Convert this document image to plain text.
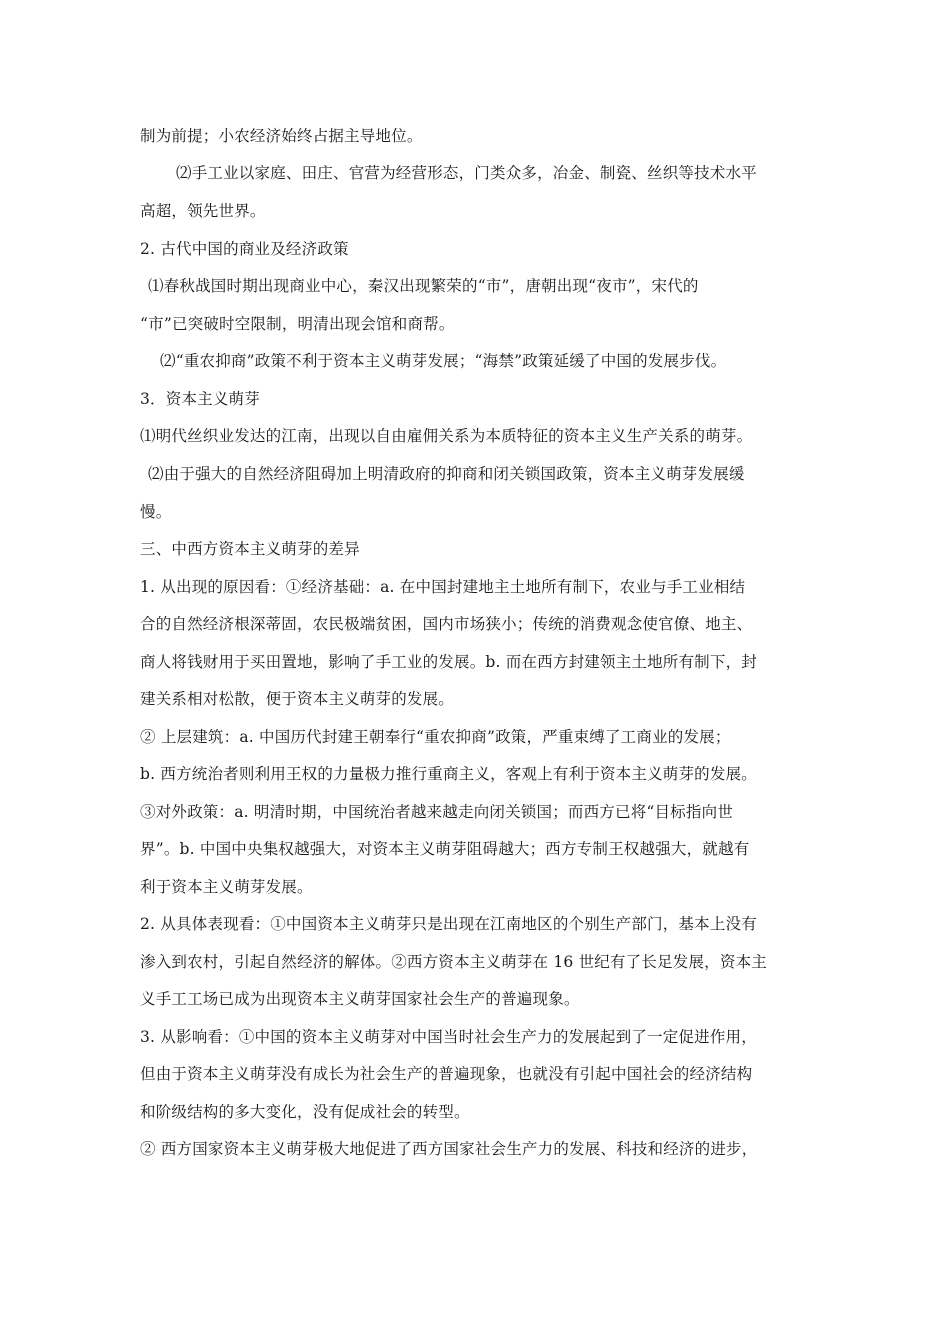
制为前提；小农经济始终占据主导地位。
⑵手工业以家庭、田庄、官营为经营形态，门类众多，冶金、制瓷、丝织等技术水平
高超，领先世界。
2. 古代中国的商业及经济政策
⑴春秋战国时期出现商业中心，秦汉出现繁荣的“市”，唐朝出现“夜市”，宋代的
“市”已突破时空限制，明清出现会馆和商帮。
⑵“重农抑商”政策不利于资本主义萌芽发展；“海禁”政策延缓了中国的发展步伐。
3．资本主义萌芽
⑴明代丝织业发达的江南，出现以自由雇佣关系为本质特征的资本主义生产关系的萌芽。
⑵由于强大的自然经济阻碍加上明清政府的抑商和闭关锁国政策，资本主义萌芽发展缓
慢。
三、中西方资本主义萌芽的差异
1. 从出现的原因看：①经济基础：a. 在中国封建地主土地所有制下，农业与手工业相结
合的自然经济根深蒂固，农民极端贫困，国内市场狭小；传统的消费观念使官僚、地主、
商人将钱财用于买田置地，影响了手工业的发展。b. 而在西方封建领主土地所有制下，封
建关系相对松散，便于资本主义萌芽的发展。
② 上层建筑：a. 中国历代封建王朝奉行“重农抑商”政策，严重束缚了工商业的发展；
b. 西方统治者则利用王权的力量极力推行重商主义，客观上有利于资本主义萌芽的发展。
③对外政策：a. 明清时期，中国统治者越来越走向闭关锁国；而西方已将“目标指向世
界”。b. 中国中央集权越强大，对资本主义萌芽阻碍越大；西方专制王权越强大，就越有
利于资本主义萌芽发展。
2. 从具体表现看：①中国资本主义萌芽只是出现在江南地区的个别生产部门，基本上没有
渗入到农村，引起自然经济的解体。②西方资本主义萌芽在 16 世纪有了长足发展，资本主
义手工工场已成为出现资本主义萌芽国家社会生产的普遍现象。
3. 从影响看：①中国的资本主义萌芽对中国当时社会生产力的发展起到了一定促进作用，
但由于资本主义萌芽没有成长为社会生产的普遍现象，也就没有引起中国社会的经济结构
和阶级结构的多大变化，没有促成社会的转型。
② 西方国家资本主义萌芽极大地促进了西方国家社会生产力的发展、科技和经济的进步，
